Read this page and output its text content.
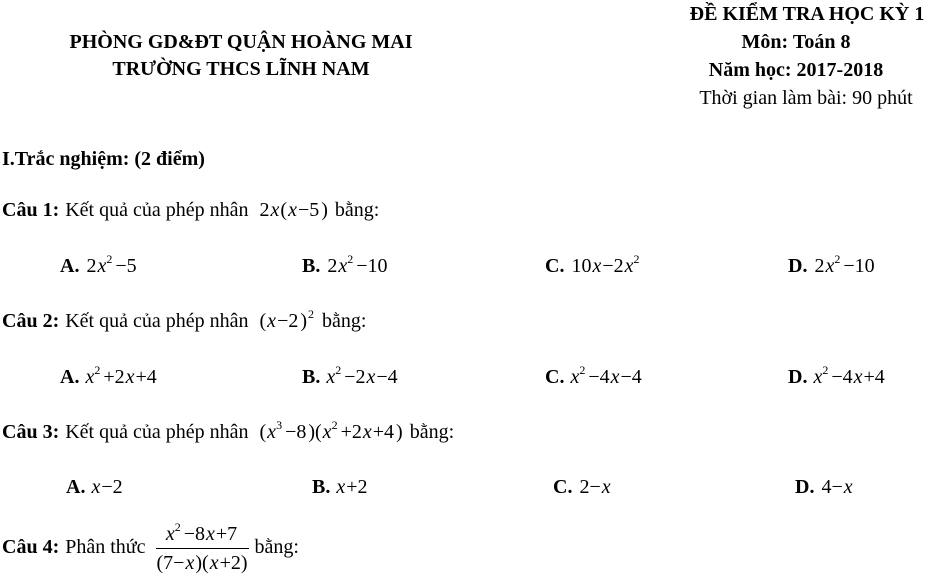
PHÒNG GD&ĐT QUẬN HOÀNG MAI
TRƯỜNG THCS LĨNH NAM
ĐỀ KIỂM TRA HỌC KỲ 1
Môn: Toán 8
Năm học: 2017-2018
Thời gian làm bài: 90 phút
I.Trắc nghiệm: (2 điểm)
Câu 1: Kết quả của phép nhân 2x(x−5 ) bằng:
A. $2x^2 -5$	B. $2x^2 -10$	C. $10x-2x^2$	D. $2x^2 -10$
Câu 2: Kết quả của phép nhân (x−2 )$^2$ bằng:
A. $x^2 +2x+4$	B. $x^2 -2x-4$	C. $x^2 -4x-4$	D. $x^2 -4x+4$
Câu 3: Kết quả của phép nhân ($x^3 -8$ )($x^2 +2x+4$ ) bằng:
A. x−2	B. x+2	C. 2−x	D. 4−x
Câu 4: Phân thức $\frac{x^2 -8x+7}{(7-x)(x+2)}$ bằng:
